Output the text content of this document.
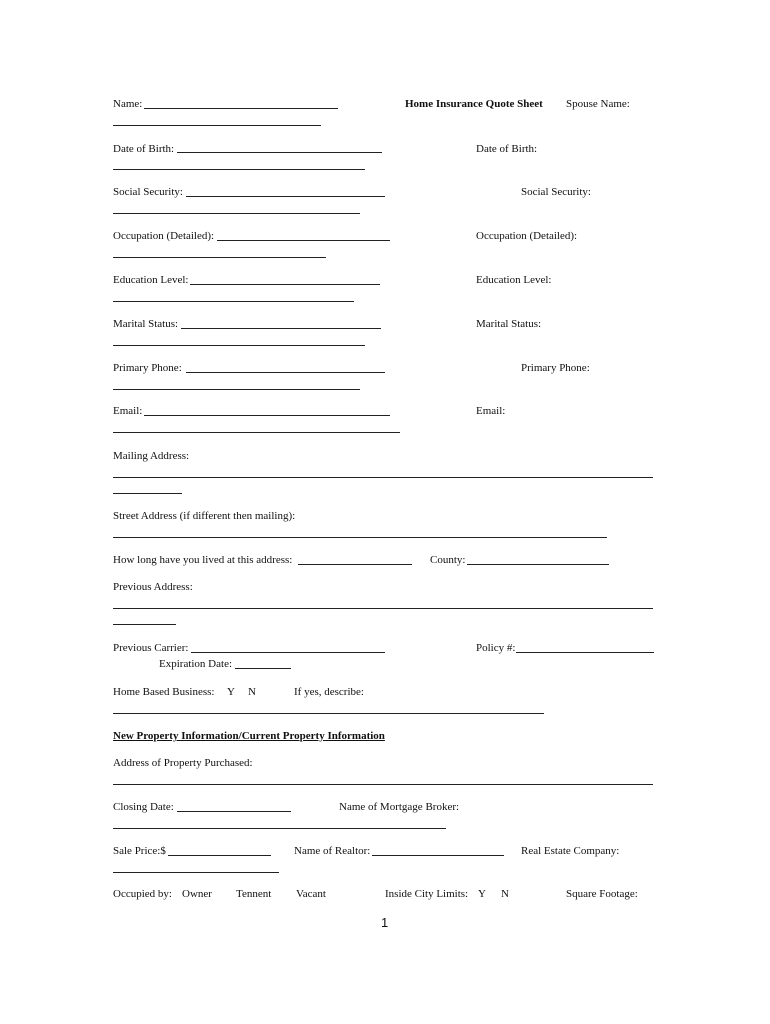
Name:	Home Insurance Quote Sheet Spouse Name:
Date of Birth:	Date of Birth:
Social Security:	Social Security:
Occupation (Detailed):	Occupation (Detailed):
Education Level:	Education Level:
Marital Status:	Marital Status:
Primary Phone:	Primary Phone:
Email:	Email:
Mailing Address:
Street Address (if different then mailing):
How long have you lived at this address:	County:
Previous Address:
Previous Carrier:	Policy #:
Expiration Date:
Home Based Business: Y N	If yes, describe:
New Property Information/Current Property Information
Address of Property Purchased:
Closing Date:	Name of Mortgage Broker:
Sale Price:$	Name of Realtor:	Real Estate Company:
Occupied by: Owner Tennent Vacant	Inside City Limits: Y N	Square Footage:
1
